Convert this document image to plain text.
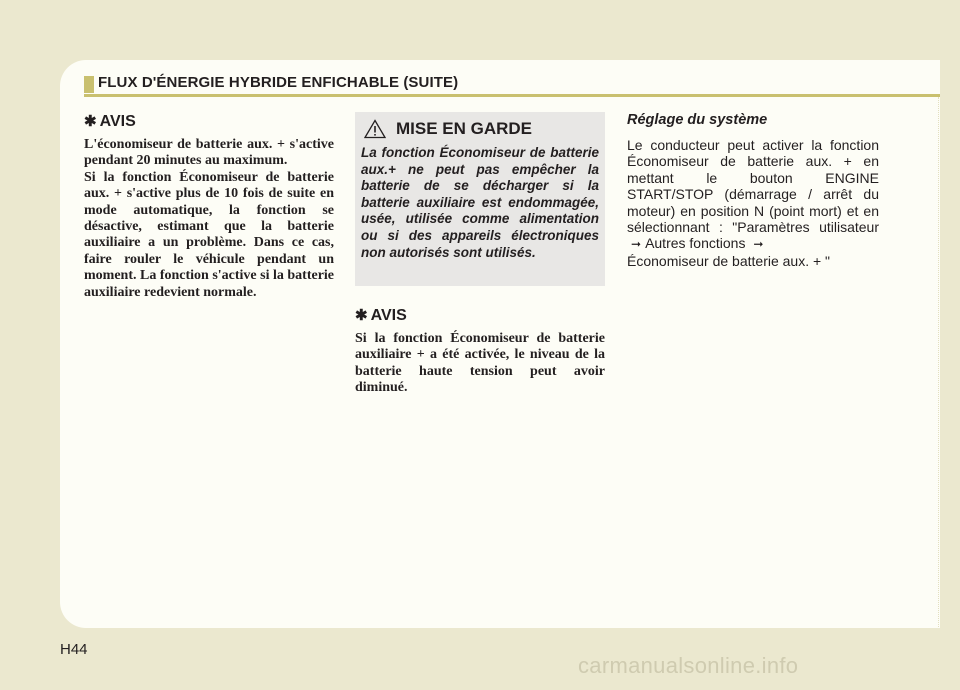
FLUX D'ÉNERGIE HYBRIDE ENFICHABLE (SUITE)
✱ AVIS

L'économiseur de batterie aux. + s'active pendant 20 minutes au maximum.

Si la fonction Économiseur de batterie aux. + s'active plus de 10 fois de suite en mode automatique, la fonction se désactive, estimant que la batterie auxiliaire a un problème. Dans ce cas, faire rouler le véhicule pendant un moment. La fonction s'active si la batterie auxiliaire redevient normale.

MISE EN GARDE

La fonction Économiseur de batterie aux.+ ne peut pas empêcher la batterie de se décharger si la batterie auxiliaire est endommagée, usée, utilisée comme alimentation ou si des appareils électroniques non autorisés sont utilisés.

✱ AVIS

Si la fonction Économiseur de batterie auxiliaire + a été activée, le niveau de la batterie haute tension peut avoir diminué.

Réglage du système

Le conducteur peut activer la fonction Économiseur de batterie aux. + en mettant le bouton ENGINE START/STOP (démarrage / arrêt du moteur) en position N (point mort) et en sélectionnant : "Paramètres utilisateur ➞ Autres fonctions ➞
Économiseur de batterie aux. + "

H44
carmanualsonline.info
